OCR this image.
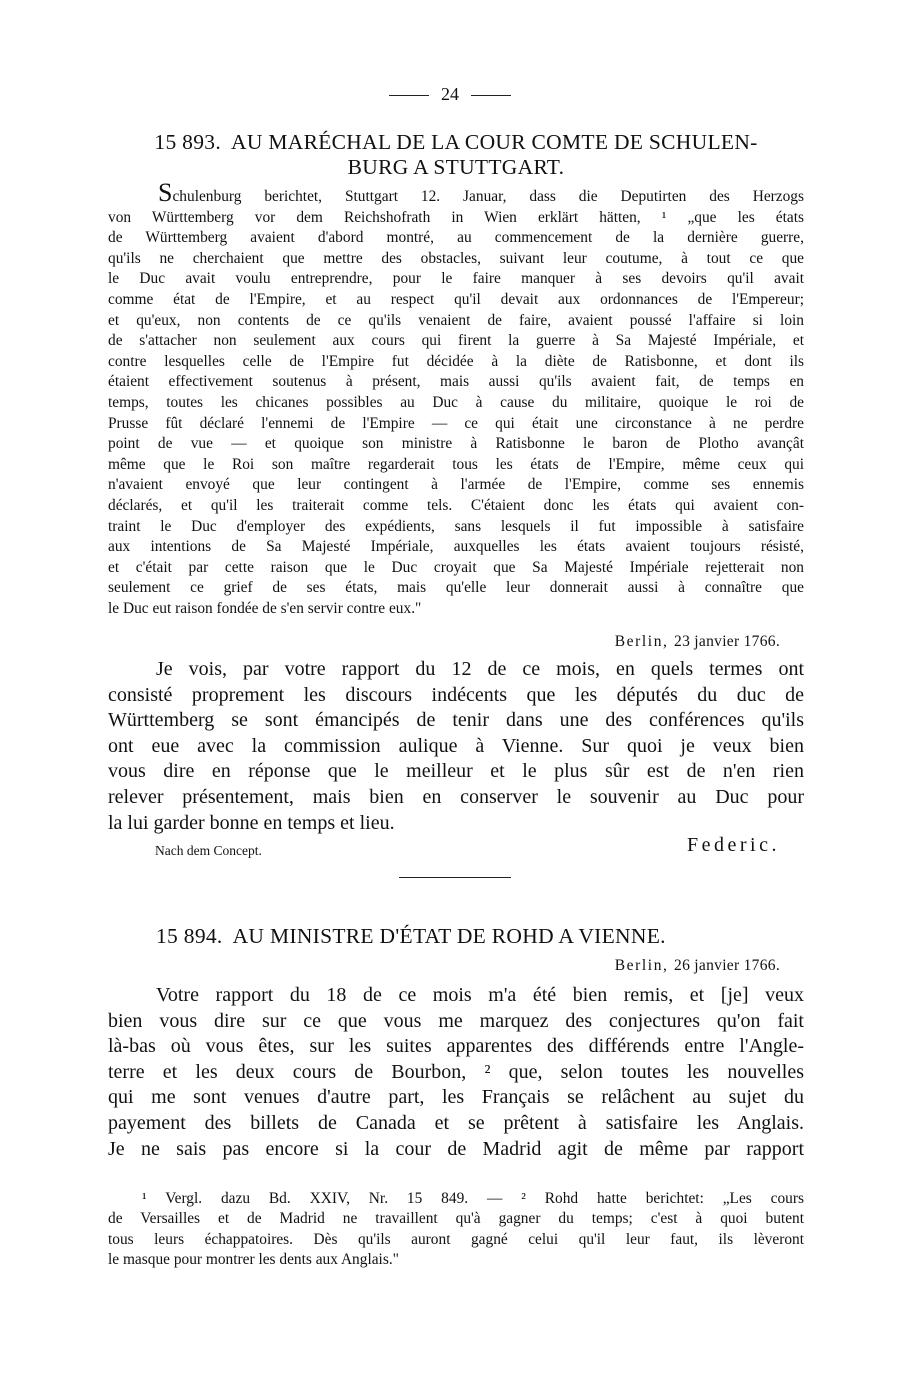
24
15 893. AU MARÉCHAL DE LA COUR COMTE DE SCHULEN-
BURG A STUTTGART.
Schulenburg berichtet, Stuttgart 12. Januar, dass die Deputirten des Herzogs
von Württemberg vor dem Reichshofrath in Wien erklärt hätten, ¹ „que les états
de Württemberg avaient d'abord montré, au commencement de la dernière guerre,
qu'ils ne cherchaient que mettre des obstacles, suivant leur coutume, à tout ce que
le Duc avait voulu entreprendre, pour le faire manquer à ses devoirs qu'il avait
comme état de l'Empire, et au respect qu'il devait aux ordonnances de l'Empereur;
et qu'eux, non contents de ce qu'ils venaient de faire, avaient poussé l'affaire si loin
de s'attacher non seulement aux cours qui firent la guerre à Sa Majesté Impériale, et
contre lesquelles celle de l'Empire fut décidée à la diète de Ratisbonne, et dont ils
étaient effectivement soutenus à présent, mais aussi qu'ils avaient fait, de temps en
temps, toutes les chicanes possibles au Duc à cause du militaire, quoique le roi de
Prusse fût déclaré l'ennemi de l'Empire — ce qui était une circonstance à ne perdre
point de vue — et quoique son ministre à Ratisbonne le baron de Plotho avançât
même que le Roi son maître regarderait tous les états de l'Empire, même ceux qui
n'avaient envoyé que leur contingent à l'armée de l'Empire, comme ses ennemis
déclarés, et qu'il les traiterait comme tels. C'étaient donc les états qui avaient con-
traint le Duc d'employer des expédients, sans lesquels il fut impossible à satisfaire
aux intentions de Sa Majesté Impériale, auxquelles les états avaient toujours résisté,
et c'était par cette raison que le Duc croyait que Sa Majesté Impériale rejetterait non
seulement ce grief de ses états, mais qu'elle leur donnerait aussi à connaître que
le Duc eut raison fondée de s'en servir contre eux."
Berlin, 23 janvier 1766.
Je vois, par votre rapport du 12 de ce mois, en quels termes ont
consisté proprement les discours indécents que les députés du duc de
Württemberg se sont émancipés de tenir dans une des conférences qu'ils
ont eue avec la commission aulique à Vienne. Sur quoi je veux bien
vous dire en réponse que le meilleur et le plus sûr est de n'en rien
relever présentement, mais bien en conserver le souvenir au Duc pour
la lui garder bonne en temps et lieu.
Nach dem Concept.	Federic.
15 894. AU MINISTRE D'ÉTAT DE ROHD A VIENNE.
Berlin, 26 janvier 1766.
Votre rapport du 18 de ce mois m'a été bien remis, et [je] veux
bien vous dire sur ce que vous me marquez des conjectures qu'on fait
là-bas où vous êtes, sur les suites apparentes des différends entre l'Angle-
terre et les deux cours de Bourbon, ² que, selon toutes les nouvelles
qui me sont venues d'autre part, les Français se relâchent au sujet du
payement des billets de Canada et se prêtent à satisfaire les Anglais.
Je ne sais pas encore si la cour de Madrid agit de même par rapport
¹ Vergl. dazu Bd. XXIV, Nr. 15 849. — ² Rohd hatte berichtet: „Les cours
de Versailles et de Madrid ne travaillent qu'à gagner du temps; c'est à quoi butent
tous leurs échappatoires. Dès qu'ils auront gagné celui qu'il leur faut, ils lèveront
le masque pour montrer les dents aux Anglais."
